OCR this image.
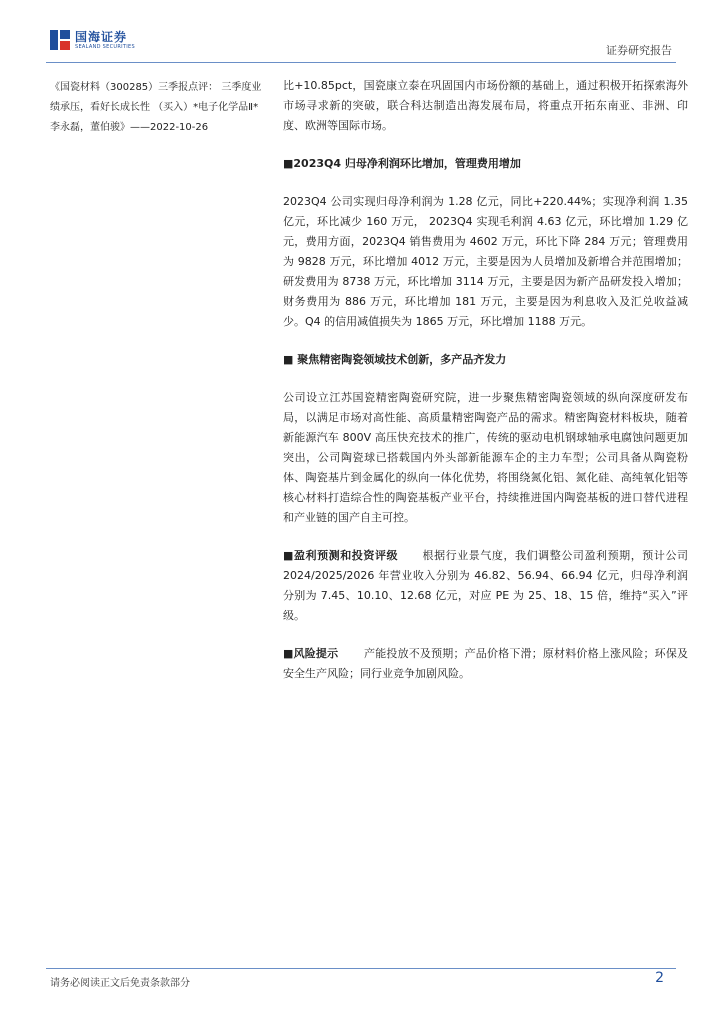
国海证券
SEALAND SECURITIES	证券研究报告
《国瓷材料（300285）三季报点评： 三季度业绩承压，看好长成长性 （买入）*电子化学品Ⅱ*李永磊，董伯骏》——2022-10-26

比+10.85pct，国瓷康立泰在巩固国内市场份额的基础上，通过积极开拓探索海外市场寻求新的突破，联合科达制造出海发展布局，将重点开拓东南亚、非洲、印度、欧洲等国际市场。

■2023Q4 归母净利润环比增加，管理费用增加

2023Q4 公司实现归母净利润为 1.28 亿元，同比+220.44%；实现净利润 1.35 亿元，环比减少 160 万元， 2023Q4 实现毛利润 4.63 亿元，环比增加 1.29 亿元，费用方面，2023Q4 销售费用为 4602 万元，环比下降 284 万元；管理费用为 9828 万元，环比增加 4012 万元，主要是因为人员增加及新增合并范围增加；研发费用为 8738 万元，环比增加 3114 万元，主要是因为新产品研发投入增加；财务费用为 886 万元，环比增加 181 万元，主要是因为利息收入及汇兑收益减少。Q4 的信用减值损失为 1865 万元，环比增加 1188 万元。

■ 聚焦精密陶瓷领域技术创新，多产品齐发力

公司设立江苏国瓷精密陶瓷研究院，进一步聚焦精密陶瓷领域的纵向深度研发布局，以满足市场对高性能、高质量精密陶瓷产品的需求。精密陶瓷材料板块，随着新能源汽车 800V 高压快充技术的推广，传统的驱动电机钢球轴承电腐蚀问题更加突出，公司陶瓷球已搭载国内外头部新能源车企的主力车型；公司具备从陶瓷粉体、陶瓷基片到金属化的纵向一体化优势，将围绕氮化铝、氮化硅、高纯氧化铝等核心材料打造综合性的陶瓷基板产业平台，持续推进国内陶瓷基板的进口替代进程和产业链的国产自主可控。

■盈利预测和投资评级 根据行业景气度，我们调整公司盈利预期，预计公司 2024/2025/2026 年营业收入分别为 46.82、56.94、66.94 亿元，归母净利润分别为 7.45、10.10、12.68 亿元，对应 PE 为 25、18、15 倍，维持“买入”评级。

■风险提示 产能投放不及预期；产品价格下滑；原材料价格上涨风险；环保及安全生产风险；同行业竞争加剧风险。

请务必阅读正文后免责条款部分	2
